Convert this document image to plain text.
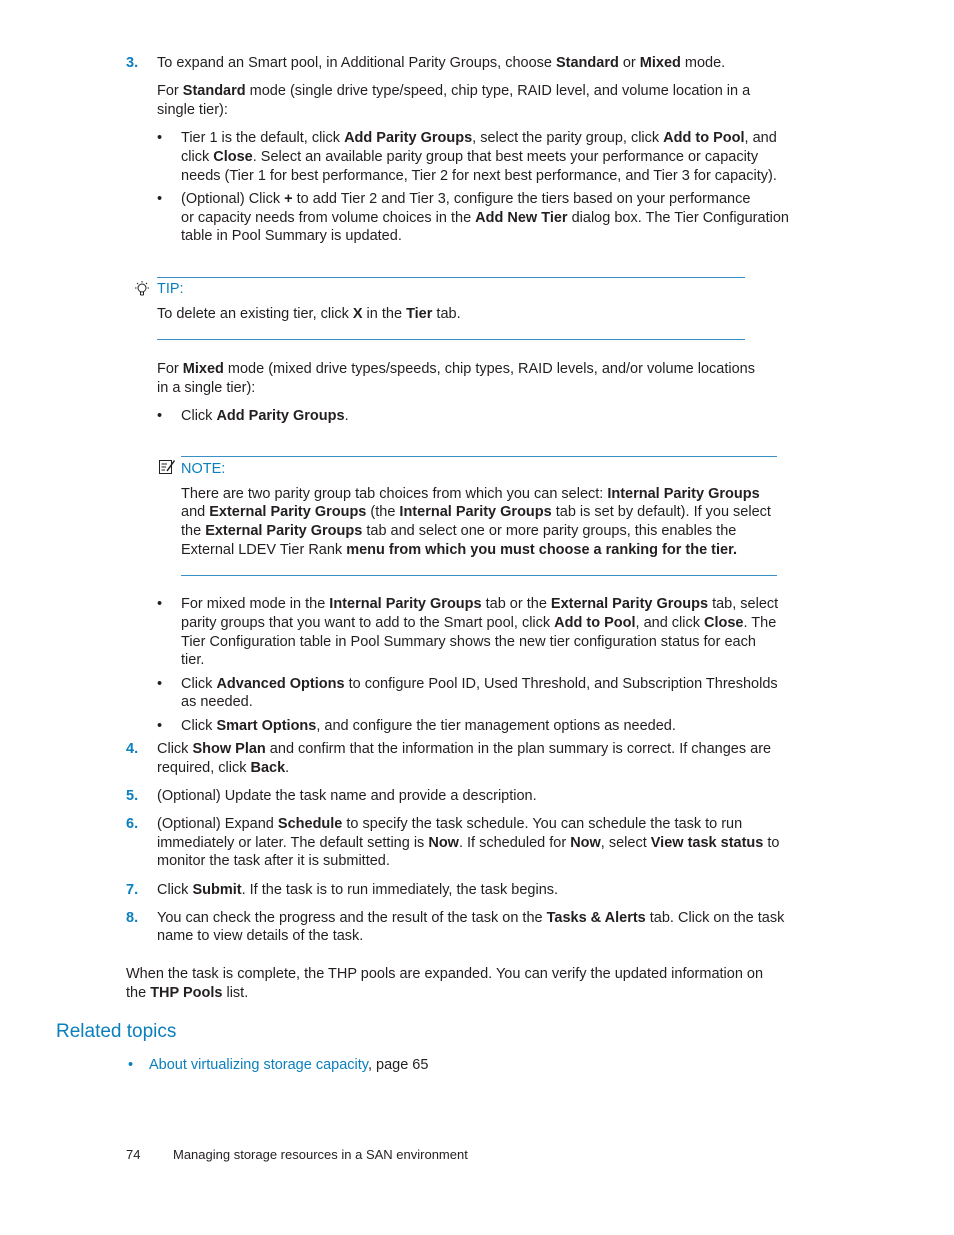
3. To expand an Smart pool, in Additional Parity Groups, choose Standard or Mixed mode.
For Standard mode (single drive type/speed, chip type, RAID level, and volume location in a
single tier):
• Tier 1 is the default, click Add Parity Groups, select the parity group, click Add to Pool, and
click Close. Select an available parity group that best meets your performance or capacity
needs (Tier 1 for best performance, Tier 2 for next best performance, and Tier 3 for capacity).
• (Optional) Click + to add Tier 2 and Tier 3, configure the tiers based on your performance
or capacity needs from volume choices in the Add New Tier dialog box. The Tier Configuration
table in Pool Summary is updated.
TIP:
To delete an existing tier, click X in the Tier tab.
For Mixed mode (mixed drive types/speeds, chip types, RAID levels, and/or volume locations
in a single tier):
• Click Add Parity Groups.
NOTE:
There are two parity group tab choices from which you can select: Internal Parity Groups
and External Parity Groups (the Internal Parity Groups tab is set by default). If you select
the External Parity Groups tab and select one or more parity groups, this enables the
External LDEV Tier Rank menu from which you must choose a ranking for the tier.
• For mixed mode in the Internal Parity Groups tab or the External Parity Groups tab, select
parity groups that you want to add to the Smart pool, click Add to Pool, and click Close. The
Tier Configuration table in Pool Summary shows the new tier configuration status for each
tier.
• Click Advanced Options to configure Pool ID, Used Threshold, and Subscription Thresholds
as needed.
• Click Smart Options, and configure the tier management options as needed.
4. Click Show Plan and confirm that the information in the plan summary is correct. If changes are
required, click Back.
5. (Optional) Update the task name and provide a description.
6. (Optional) Expand Schedule to specify the task schedule. You can schedule the task to run
immediately or later. The default setting is Now. If scheduled for Now, select View task status to
monitor the task after it is submitted.
7. Click Submit. If the task is to run immediately, the task begins.
8. You can check the progress and the result of the task on the Tasks & Alerts tab. Click on the task
name to view details of the task.
When the task is complete, the THP pools are expanded. You can verify the updated information on
the THP Pools list.
Related topics
• About virtualizing storage capacity, page 65
74	Managing storage resources in a SAN environment
